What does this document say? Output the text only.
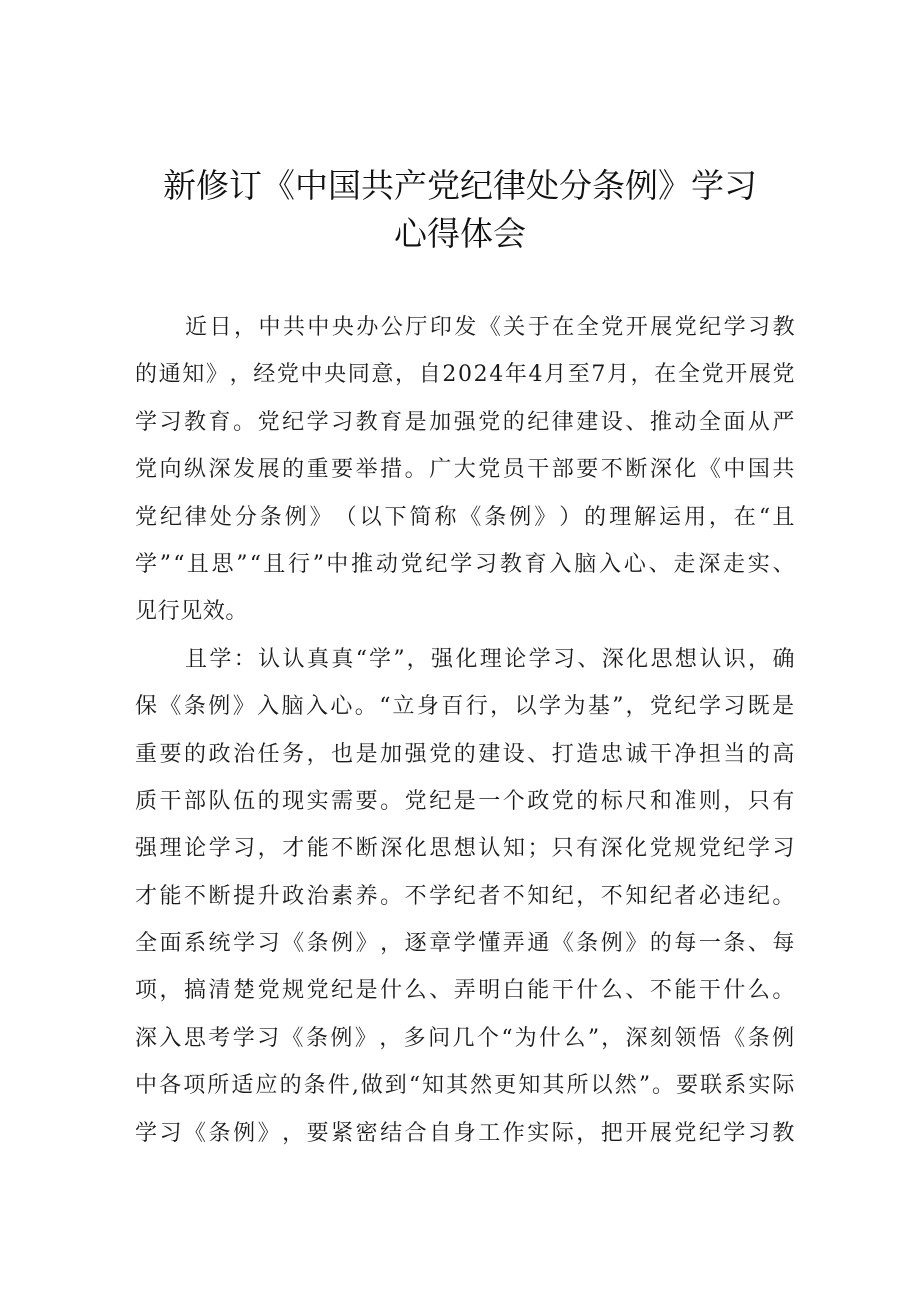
新修订《中国共产党纪律处分条例》学习
心得体会

近​ 日​ ，​ 中​ 共​ 中​ 央​ 办​ 公​ 厅​ 印​ 发​ 《​ 关​ 于​ 在​ 全​ 党​ 开​ 展​ 党​ 纪​ 学​ 习​ 教
的​ 通​ 知​ 》​ ，​ 经​ 党​ 中​ 央​ 同​ 意​ ，​ 自​ 2​ 0​ 2​ 4​ 年​ 4​ 月​ 至​ 7​ 月​ ，​ 在​ 全​ 党​ 开​ 展​ 党
学​ 习​ 教​ 育​ 。​ 党​ 纪​ 学​ 习​ 教​ 育​ 是​ 加​ 强​ 党​ 的​ 纪​ 律​ 建​ 设​ 、​ 推​ 动​ 全​ 面​ 从​ 严
党​ 向​ 纵​ 深​ 发​ 展​ 的​ 重​ 要​ 举​ 措​ 。​ 广​ 大​ 党​ 员​ 干​ 部​ 要​ 不​ 断​ 深​ 化​ 《​ 中​ 国​ 共
党​ 纪​ 律​ 处​ 分​ 条​ 例​ 》​ （​ 以​ 下​ 简​ 称​ 《​ 条​ 例​ 》​ ）​ 的​ 理​ 解​ 运​ 用​ ，​ 在​ “​ 且
学​ ”​ “​ 且​ 思​ ”​ “​ 且​ 行​ ”​ 中​ 推​ 动​ 党​ 纪​ 学​ 习​ 教​ 育​ 入​ 脑​ 入​ 心​ 、​ 走​ 深​ 走​ 实​ 、
见行见效。

且​ 学​ ：​ 认​ 认​ 真​ 真​ “​ 学​ ”​ ，​ 强​ 化​ 理​ 论​ 学​ 习​ 、​ 深​ 化​ 思​ 想​ 认​ 识​ ，​ 确
保​ 《​ 条​ 例​ 》​ 入​ 脑​ 入​ 心​ 。​ “​ 立​ 身​ 百​ 行​ ，​ 以​ 学​ 为​ 基​ ”​ ，​ 党​ 纪​ 学​ 习​ 既​ 是
重​ 要​ 的​ 政​ 治​ 任​ 务​ ，​ 也​ 是​ 加​ 强​ 党​ 的​ 建​ 设​ 、​ 打​ 造​ 忠​ 诚​ 干​ 净​ 担​ 当​ 的​ 高
质​ 干​ 部​ 队​ 伍​ 的​ 现​ 实​ 需​ 要​ 。​ 党​ 纪​ 是​ 一​ 个​ 政​ 党​ 的​ 标​ 尺​ 和​ 准​ 则​ ，​ 只​ 有
强​ 理​ 论​ 学​ 习​ ，​ 才​ 能​ 不​ 断​ 深​ 化​ 思​ 想​ 认​ 知​ ；​ 只​ 有​ 深​ 化​ 党​ 规​ 党​ 纪​ 学​ 习
才​ 能​ 不​ 断​ 提​ 升​ 政​ 治​ 素​ 养​ 。​ 不​ 学​ 纪​ 者​ 不​ 知​ 纪​ ，​ 不​ 知​ 纪​ 者​ 必​ 违​ 纪​ 。
全​ 面​ 系​ 统​ 学​ 习​ 《​ 条​ 例​ 》​ ，​ 逐​ 章​ 学​ 懂​ 弄​ 通​ 《​ 条​ 例​ 》​ 的​ 每​ 一​ 条​ 、​ 每
项​ ，​ 搞​ 清​ 楚​ 党​ 规​ 党​ 纪​ 是​ 什​ 么​ 、​ 弄​ 明​ 白​ 能​ 干​ 什​ 么​ 、​ 不​ 能​ 干​ 什​ 么​ 。
深​ 入​ 思​ 考​ 学​ 习​ 《​ 条​ 例​ 》​ ，​ 多​ 问​ 几​ 个​ “​ 为​ 什​ 么​ ”​ ，​ 深​ 刻​ 领​ 悟​ 《​ 条​ 例
中​ 各​ 项​ 所​ 适​ 应​ 的​ 条​ 件​ ,​ 做​ 到​ “​ 知​ 其​ 然​ 更​ 知​ 其​ 所​ 以​ 然​ ”​ 。​ 要​ 联​ 系​ 实​ 际
学​ 习​ 《​ 条​ 例​ 》​ ，​ 要​ 紧​ 密​ 结​ 合​ 自​ 身​ 工​ 作​ 实​ 际​ ，​ 把​ 开​ 展​ 党​ 纪​ 学​ 习​ 教
